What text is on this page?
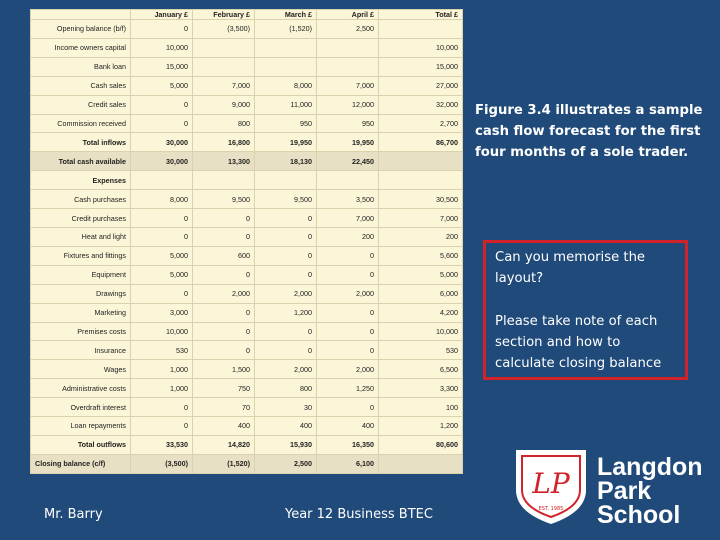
	January £	February £	March £	April £	Total £
Opening balance (b/f)	0	(3,500)	(1,520)	2,500	
Income owners capital	10,000				10,000
Bank loan	15,000				15,000
Cash sales	5,000	7,000	8,000	7,000	27,000
Credit sales	0	9,000	11,000	12,000	32,000
Commission received	0	800	950	950	2,700
Total inflows	30,000	16,800	19,950	19,950	86,700
Total cash available	30,000	13,300	18,130	22,450	
Expenses					
Cash purchases	8,000	9,500	9,500	3,500	30,500
Credit purchases	0	0	0	7,000	7,000
Heat and light	0	0	0	200	200
Fixtures and fittings	5,000	600	0	0	5,600
Equipment	5,000	0	0	0	5,000
Drawings	0	2,000	2,000	2,000	6,000
Marketing	3,000	0	1,200	0	4,200
Premises costs	10,000	0	0	0	10,000
Insurance	530	0	0	0	530
Wages	1,000	1,500	2,000	2,000	6,500
Administrative costs	1,000	750	800	1,250	3,300
Overdraft interest	0	70	30	0	100
Loan repayments	0	400	400	400	1,200
Total outflows	33,530	14,820	15,930	16,350	80,600
Closing balance (c/f)	(3,500)	(1,520)	2,500	6,100	
Figure 3.4 illustrates a sample cash flow forecast for the first four months of a sole trader.

Can you memorise the layout?

Please take note of each section and how to calculate closing balance

Mr. Barry	Year 12 Business BTEC
LP
EST. 1985
Langdon
Park
School
